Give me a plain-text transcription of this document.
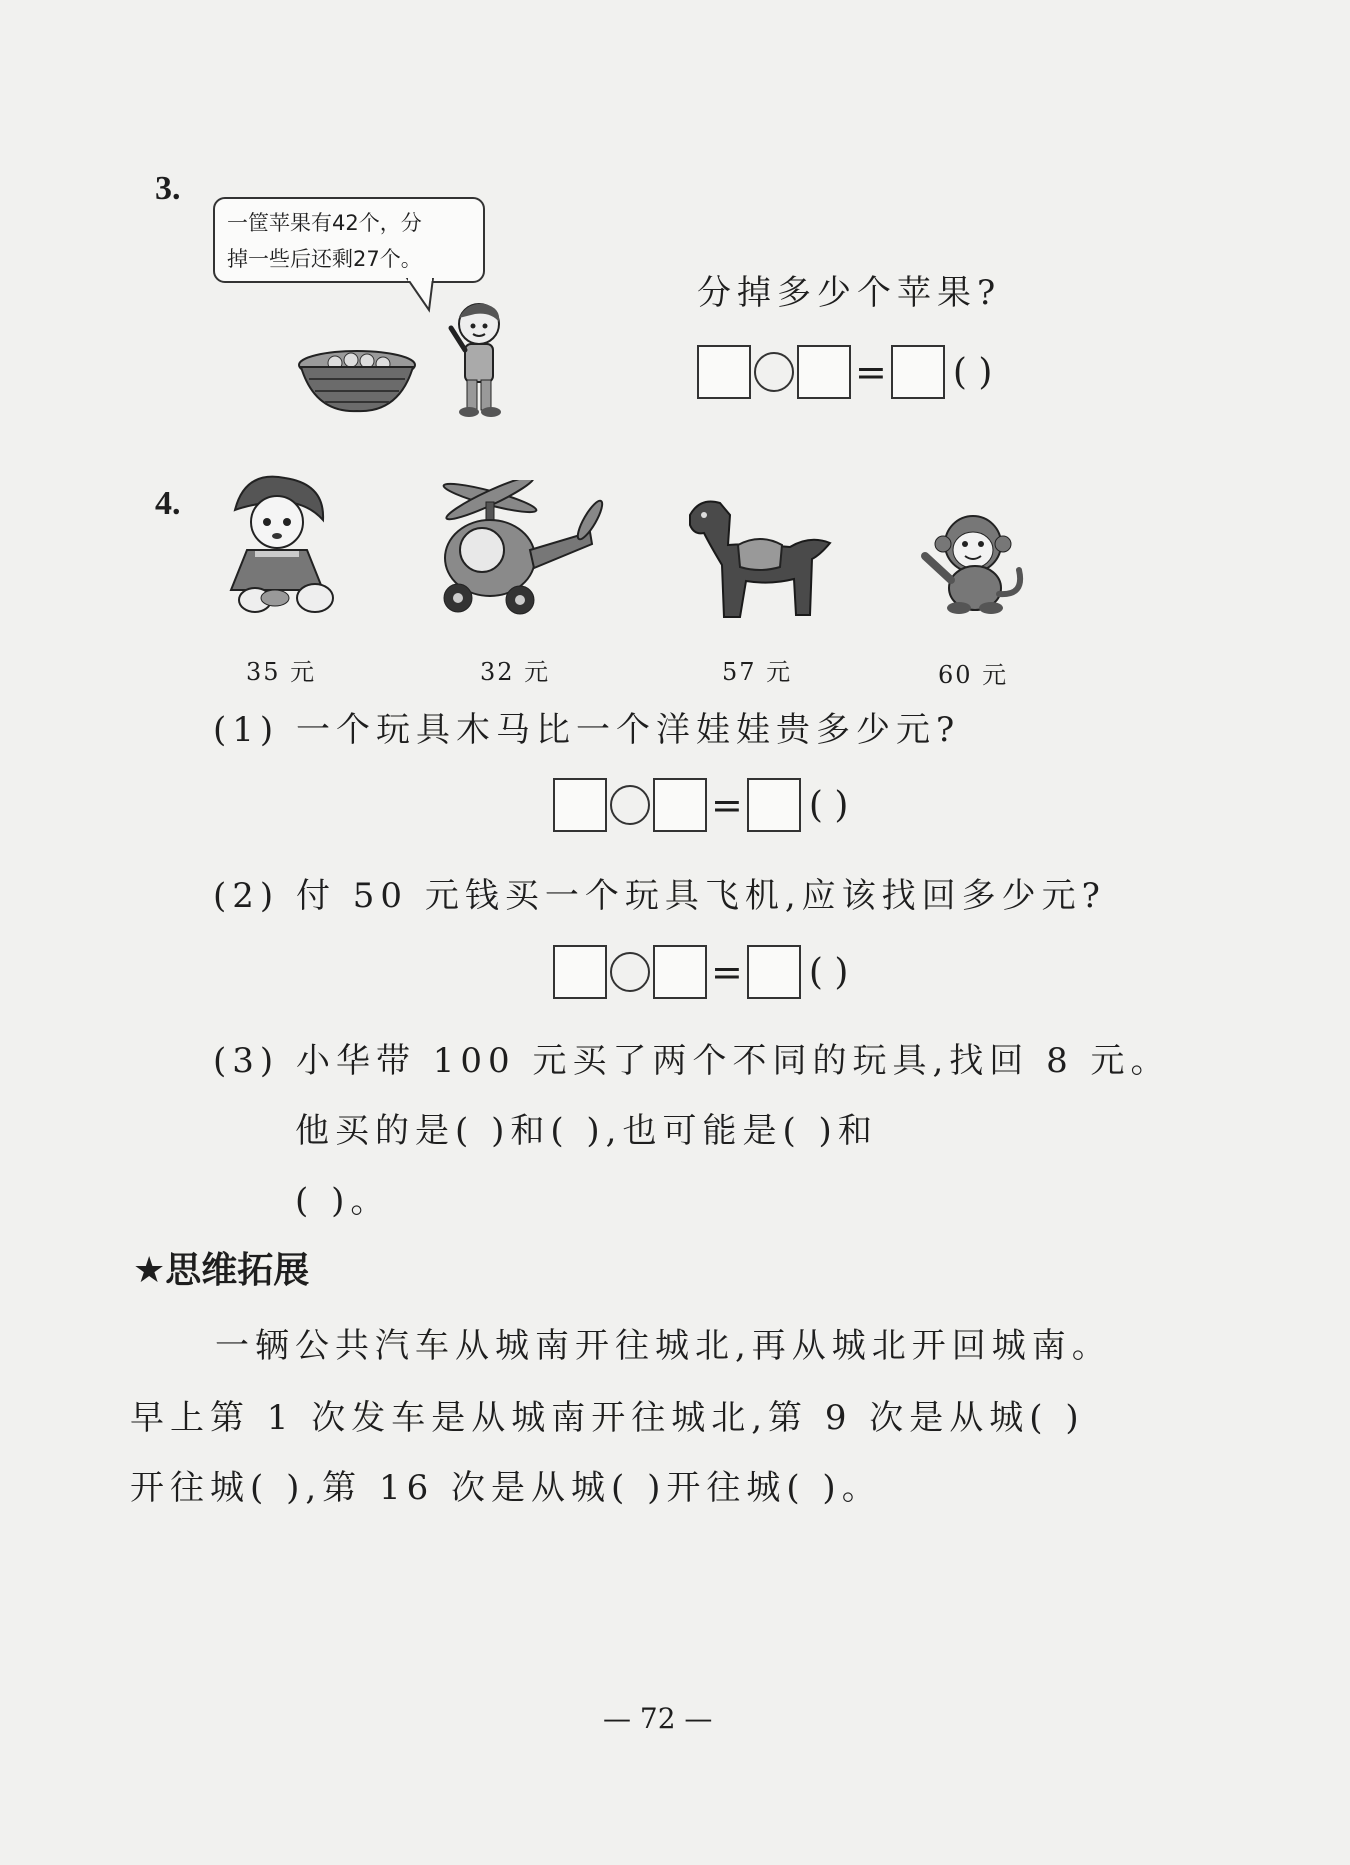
3.
一筐苹果有42个，分
掉一些后还剩27个。
分掉多少个苹果?
= ( )
4.
35 元	32 元	57 元	60 元
(1) 一个玩具木马比一个洋娃娃贵多少元?
= ( )
(2) 付 50 元钱买一个玩具飞机,应该找回多少元?
= ( )
(3) 小华带 100 元买了两个不同的玩具,找回 8 元。
他买的是( )和( ),也可能是( )和
( )。
★思维拓展
一辆公共汽车从城南开往城北,再从城北开回城南。
早上第 1 次发车是从城南开往城北,第 9 次是从城( )
开往城( ),第 16 次是从城( )开往城( )。
— 72 —
